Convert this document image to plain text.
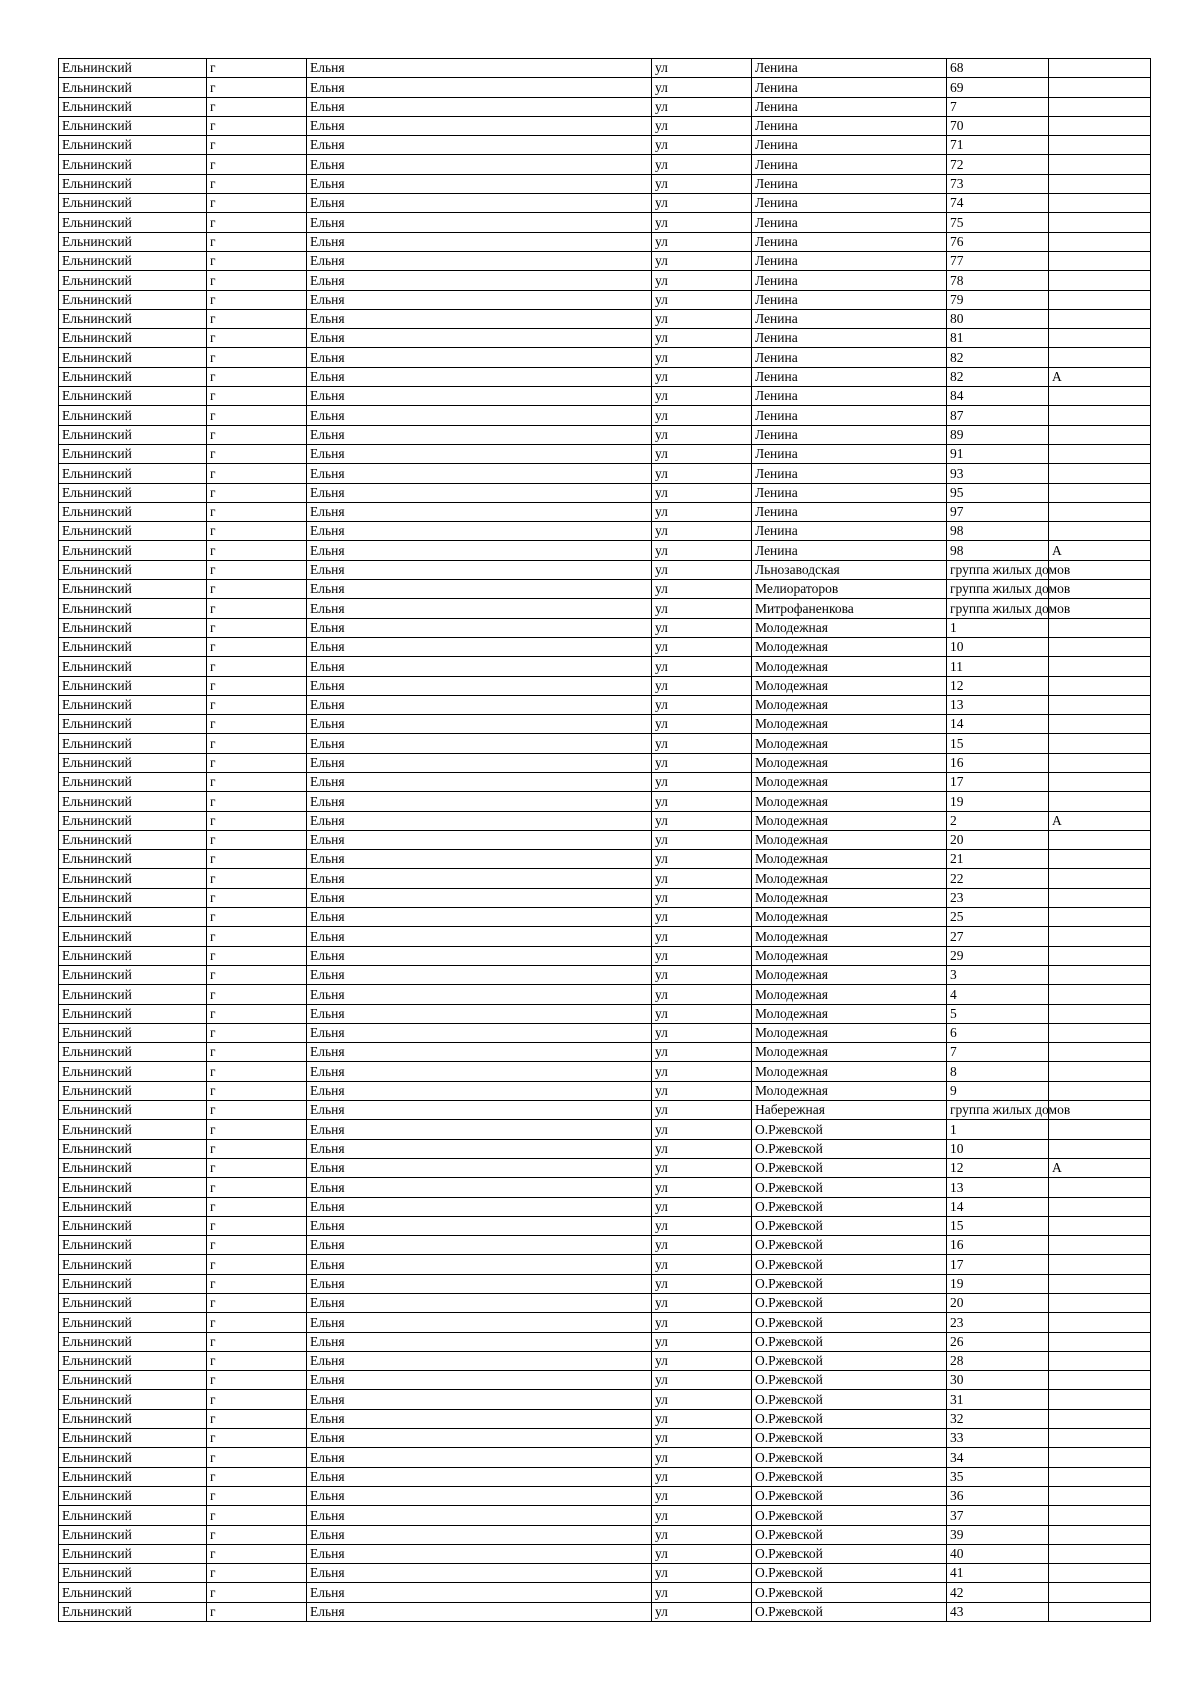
Ельнинский	г	Ельня	ул	Ленина	68	
Ельнинский	г	Ельня	ул	Ленина	69	
Ельнинский	г	Ельня	ул	Ленина	7	
Ельнинский	г	Ельня	ул	Ленина	70	
Ельнинский	г	Ельня	ул	Ленина	71	
Ельнинский	г	Ельня	ул	Ленина	72	
Ельнинский	г	Ельня	ул	Ленина	73	
Ельнинский	г	Ельня	ул	Ленина	74	
Ельнинский	г	Ельня	ул	Ленина	75	
Ельнинский	г	Ельня	ул	Ленина	76	
Ельнинский	г	Ельня	ул	Ленина	77	
Ельнинский	г	Ельня	ул	Ленина	78	
Ельнинский	г	Ельня	ул	Ленина	79	
Ельнинский	г	Ельня	ул	Ленина	80	
Ельнинский	г	Ельня	ул	Ленина	81	
Ельнинский	г	Ельня	ул	Ленина	82	
Ельнинский	г	Ельня	ул	Ленина	82	А
Ельнинский	г	Ельня	ул	Ленина	84	
Ельнинский	г	Ельня	ул	Ленина	87	
Ельнинский	г	Ельня	ул	Ленина	89	
Ельнинский	г	Ельня	ул	Ленина	91	
Ельнинский	г	Ельня	ул	Ленина	93	
Ельнинский	г	Ельня	ул	Ленина	95	
Ельнинский	г	Ельня	ул	Ленина	97	
Ельнинский	г	Ельня	ул	Ленина	98	
Ельнинский	г	Ельня	ул	Ленина	98	А
Ельнинский	г	Ельня	ул	Льнозаводская	группа жилых домов	
Ельнинский	г	Ельня	ул	Мелиораторов	группа жилых домов	
Ельнинский	г	Ельня	ул	Митрофаненкова	группа жилых домов	
Ельнинский	г	Ельня	ул	Молодежная	1	
Ельнинский	г	Ельня	ул	Молодежная	10	
Ельнинский	г	Ельня	ул	Молодежная	11	
Ельнинский	г	Ельня	ул	Молодежная	12	
Ельнинский	г	Ельня	ул	Молодежная	13	
Ельнинский	г	Ельня	ул	Молодежная	14	
Ельнинский	г	Ельня	ул	Молодежная	15	
Ельнинский	г	Ельня	ул	Молодежная	16	
Ельнинский	г	Ельня	ул	Молодежная	17	
Ельнинский	г	Ельня	ул	Молодежная	19	
Ельнинский	г	Ельня	ул	Молодежная	2	А
Ельнинский	г	Ельня	ул	Молодежная	20	
Ельнинский	г	Ельня	ул	Молодежная	21	
Ельнинский	г	Ельня	ул	Молодежная	22	
Ельнинский	г	Ельня	ул	Молодежная	23	
Ельнинский	г	Ельня	ул	Молодежная	25	
Ельнинский	г	Ельня	ул	Молодежная	27	
Ельнинский	г	Ельня	ул	Молодежная	29	
Ельнинский	г	Ельня	ул	Молодежная	3	
Ельнинский	г	Ельня	ул	Молодежная	4	
Ельнинский	г	Ельня	ул	Молодежная	5	
Ельнинский	г	Ельня	ул	Молодежная	6	
Ельнинский	г	Ельня	ул	Молодежная	7	
Ельнинский	г	Ельня	ул	Молодежная	8	
Ельнинский	г	Ельня	ул	Молодежная	9	
Ельнинский	г	Ельня	ул	Набережная	группа жилых домов	
Ельнинский	г	Ельня	ул	О.Ржевской	1	
Ельнинский	г	Ельня	ул	О.Ржевской	10	
Ельнинский	г	Ельня	ул	О.Ржевской	12	А
Ельнинский	г	Ельня	ул	О.Ржевской	13	
Ельнинский	г	Ельня	ул	О.Ржевской	14	
Ельнинский	г	Ельня	ул	О.Ржевской	15	
Ельнинский	г	Ельня	ул	О.Ржевской	16	
Ельнинский	г	Ельня	ул	О.Ржевской	17	
Ельнинский	г	Ельня	ул	О.Ржевской	19	
Ельнинский	г	Ельня	ул	О.Ржевской	20	
Ельнинский	г	Ельня	ул	О.Ржевской	23	
Ельнинский	г	Ельня	ул	О.Ржевской	26	
Ельнинский	г	Ельня	ул	О.Ржевской	28	
Ельнинский	г	Ельня	ул	О.Ржевской	30	
Ельнинский	г	Ельня	ул	О.Ржевской	31	
Ельнинский	г	Ельня	ул	О.Ржевской	32	
Ельнинский	г	Ельня	ул	О.Ржевской	33	
Ельнинский	г	Ельня	ул	О.Ржевской	34	
Ельнинский	г	Ельня	ул	О.Ржевской	35	
Ельнинский	г	Ельня	ул	О.Ржевской	36	
Ельнинский	г	Ельня	ул	О.Ржевской	37	
Ельнинский	г	Ельня	ул	О.Ржевской	39	
Ельнинский	г	Ельня	ул	О.Ржевской	40	
Ельнинский	г	Ельня	ул	О.Ржевской	41	
Ельнинский	г	Ельня	ул	О.Ржевской	42	
Ельнинский	г	Ельня	ул	О.Ржевской	43	
